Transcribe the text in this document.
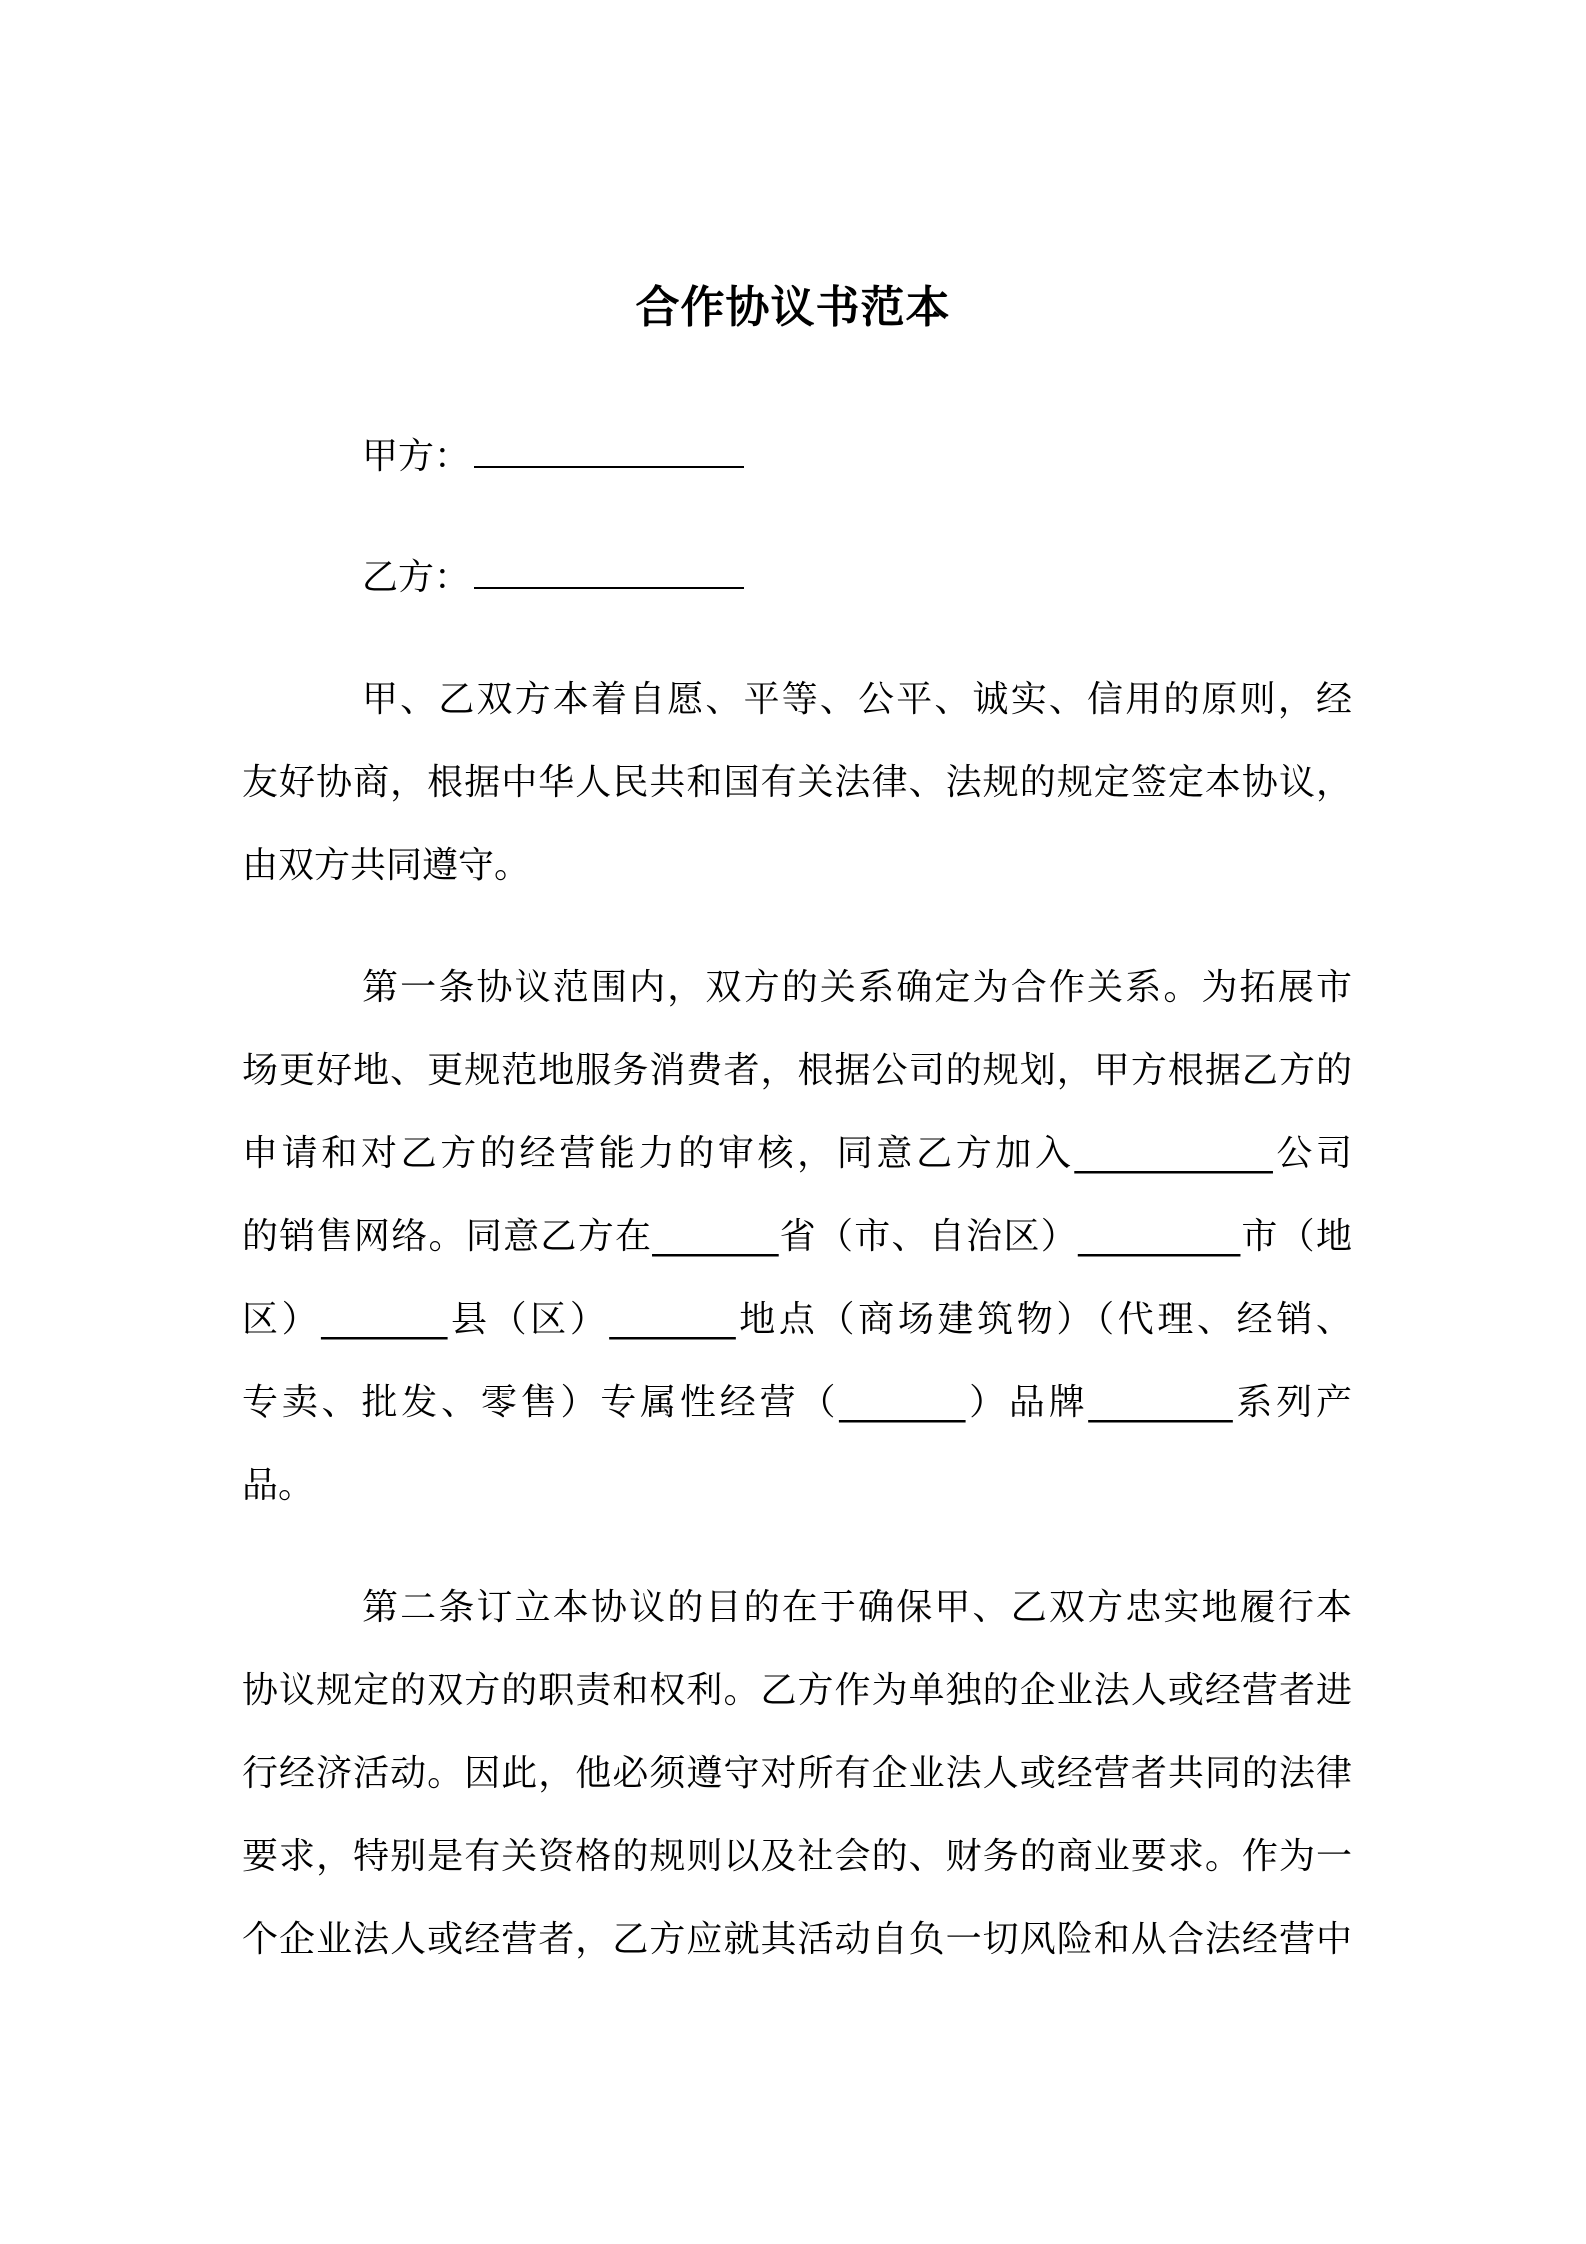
合作协议书范本
甲方：
乙方：
甲、乙双方本着自愿、平等、公平、诚实、信用的原则，经
友好协商，根据中华人民共和国有关法律、法规的规定签定本协议，
由双方共同遵守。
第一条协议范围内，双方的关系确定为合作关系。为拓展市
场更好地、更规范地服务消费者，根据公司的规划，甲方根据乙方的
申请和对乙方的经营能力的审核，同意乙方加入___________公司
的销售网络。同意乙方在_______省（市、自治区）_________市（地
区）_______县（区）_______地点（商场建筑物）（代理、经销、
专卖、批发、零售）专属性经营（_______）品牌________系列产
品。
第二条订立本协议的目的在于确保甲、乙双方忠实地履行本
协议规定的双方的职责和权利。乙方作为单独的企业法人或经营者进
行经济活动。因此，他必须遵守对所有企业法人或经营者共同的法律
要求，特别是有关资格的规则以及社会的、财务的商业要求。作为一
个企业法人或经营者，乙方应就其活动自负一切风险和从合法经营中
